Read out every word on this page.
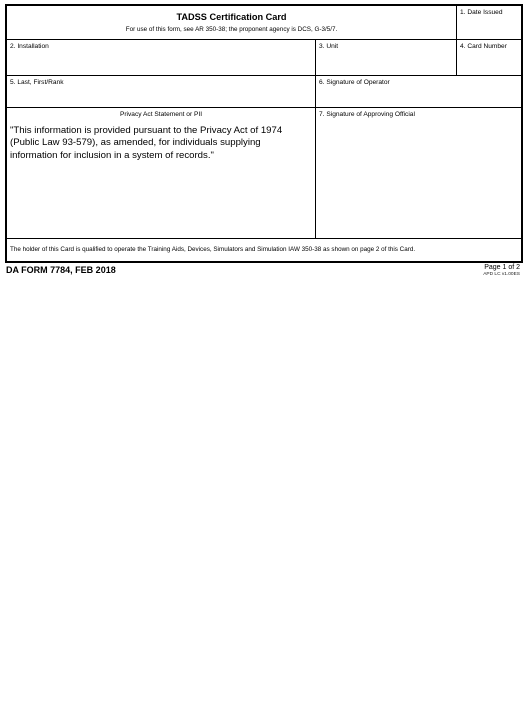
TADSS Certification Card
For use of this form, see AR 350-38; the proponent agency is DCS, G-3/5/7.
1. Date Issued
2. Installation	3. Unit	4. Card Number
5. Last, First/Rank	6. Signature of Operator
Privacy Act Statement or PII
"This information is provided pursuant to the Privacy Act of 1974 (Public Law 93-579), as amended, for individuals supplying information for inclusion in a system of records."
7. Signature of Approving Official
The holder of this Card is qualified to operate the Training Aids, Devices, Simulators and Simulation IAW 350-38 as shown on page 2 of this Card.
DA FORM 7784, FEB 2018	Page 1 of 2
APD LC v1.00ES
